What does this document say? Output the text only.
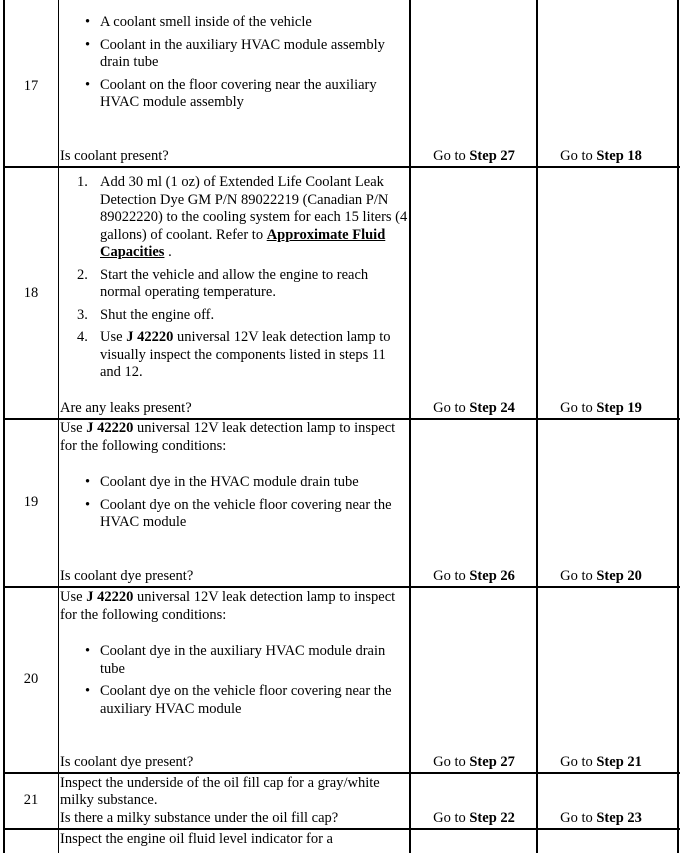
17
• A coolant smell inside of the vehicle
• Coolant in the auxiliary HVAC module assembly drain tube
• Coolant on the floor covering near the auxiliary HVAC module assembly
Is coolant present?	Go to Step 27	Go to Step 18
18
1. Add 30 ml (1 oz) of Extended Life Coolant Leak Detection Dye GM P/N 89022219 (Canadian P/N 89022220) to the cooling system for each 15 liters (4 gallons) of coolant. Refer to Approximate Fluid Capacities .
2. Start the vehicle and allow the engine to reach normal operating temperature.
3. Shut the engine off.
4. Use J 42220 universal 12V leak detection lamp to visually inspect the components listed in steps 11 and 12.
Are any leaks present?	Go to Step 24	Go to Step 19
19
Use J 42220 universal 12V leak detection lamp to inspect for the following conditions:
• Coolant dye in the HVAC module drain tube
• Coolant dye on the vehicle floor covering near the HVAC module
Is coolant dye present?	Go to Step 26	Go to Step 20
20
Use J 42220 universal 12V leak detection lamp to inspect for the following conditions:
• Coolant dye in the auxiliary HVAC module drain tube
• Coolant dye on the vehicle floor covering near the auxiliary HVAC module
Is coolant dye present?	Go to Step 27	Go to Step 21
21
Inspect the underside of the oil fill cap for a gray/white milky substance.
Is there a milky substance under the oil fill cap?	Go to Step 22	Go to Step 23
Inspect the engine oil fluid level indicator for a
